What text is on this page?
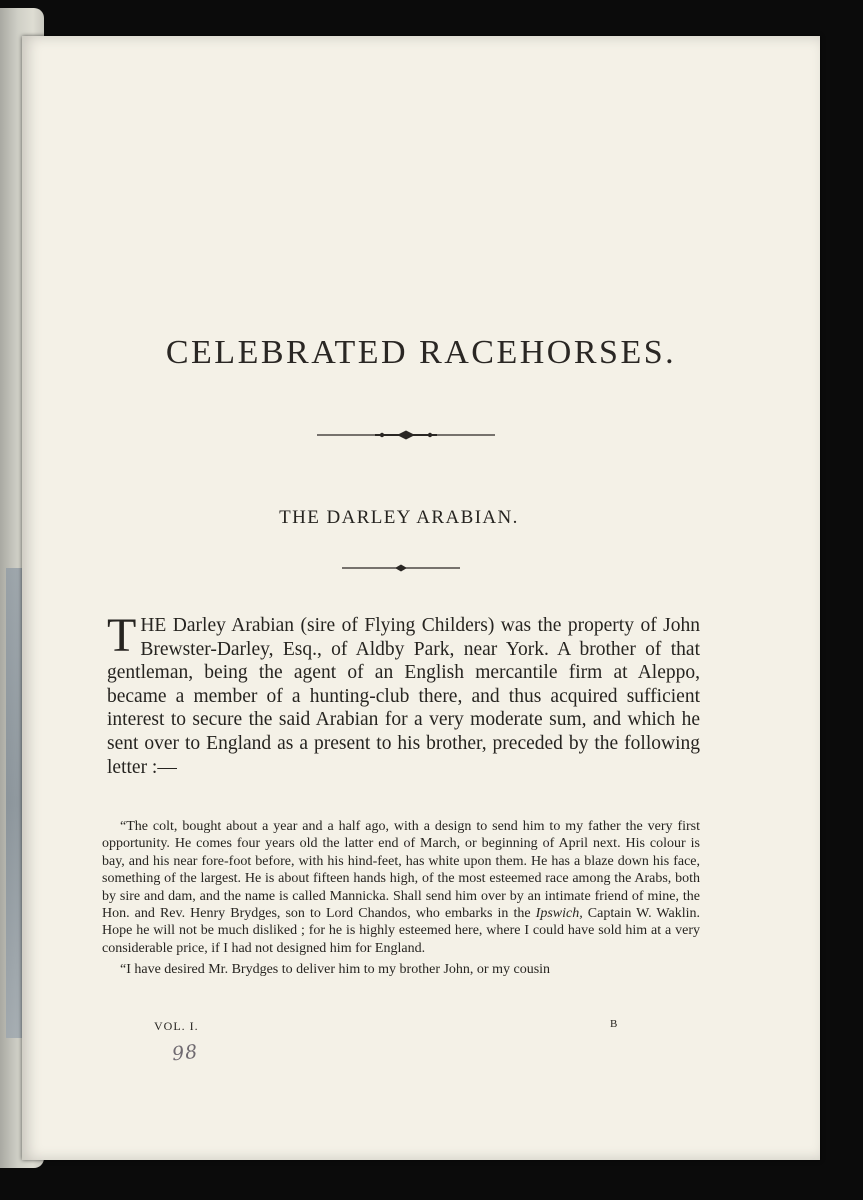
CELEBRATED RACEHORSES.
THE DARLEY ARABIAN.

THE Darley Arabian (sire of Flying Childers) was the property of John Brewster-Darley, Esq., of Aldby Park, near York. A brother of that gentleman, being the agent of an English mercantile firm at Aleppo, became a member of a hunting-club there, and thus acquired sufficient interest to secure the said Arabian for a very moderate sum, and which he sent over to England as a present to his brother, preceded by the following letter :—

“The colt, bought about a year and a half ago, with a design to send him to my father the very first opportunity. He comes four years old the latter end of March, or beginning of April next. His colour is bay, and his near fore-foot before, with his hind-feet, has white upon them. He has a blaze down his face, something of the largest. He is about fifteen hands high, of the most esteemed race among the Arabs, both by sire and dam, and the name is called Mannicka. Shall send him over by an intimate friend of mine, the Hon. and Rev. Henry Brydges, son to Lord Chandos, who embarks in the Ipswich, Captain W. Waklin. Hope he will not be much disliked ; for he is highly esteemed here, where I could have sold him at a very considerable price, if I had not designed him for England.

“I have desired Mr. Brydges to deliver him to my brother John, or my cousin

VOL. I.	B
98
